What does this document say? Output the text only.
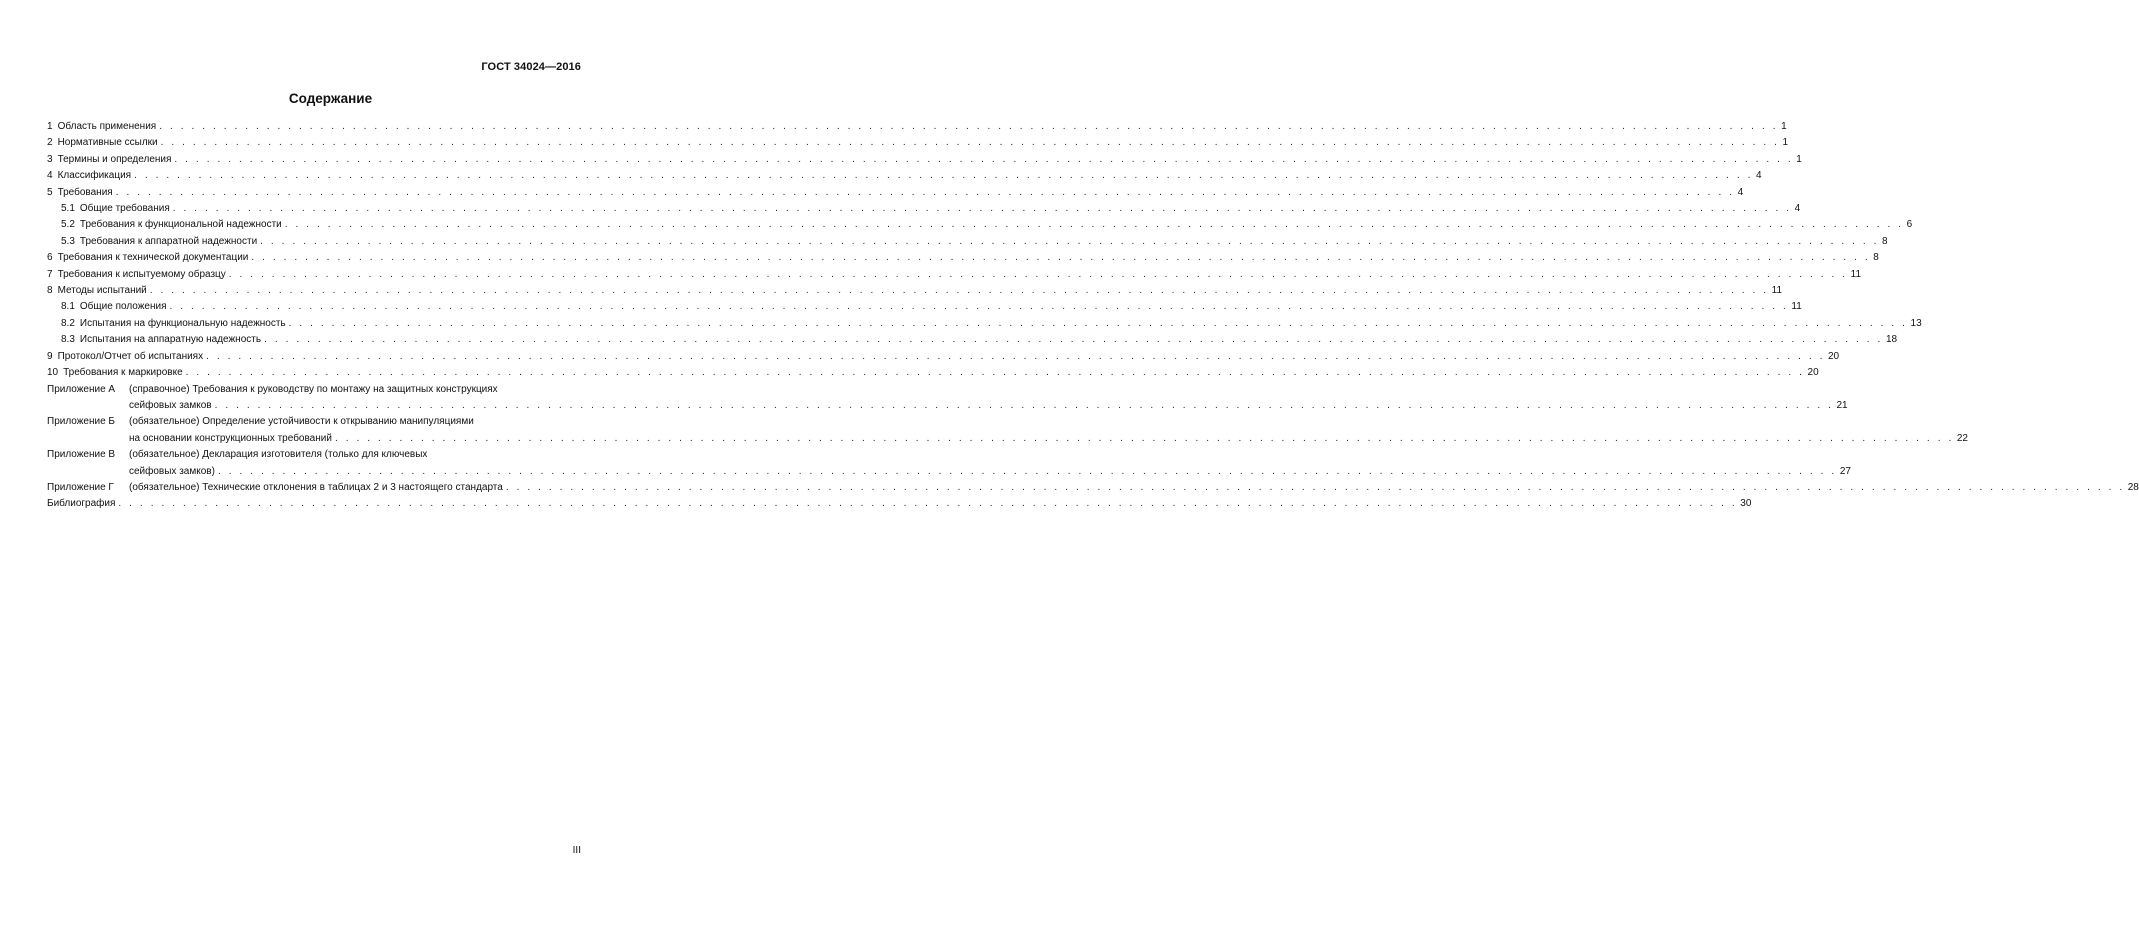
ГОСТ 34024—2016
Содержание
1 Область применения . . .	1
2 Нормативные ссылки . . .	1
3 Термины и определения . . .	1
4 Классификация . . .	4
5 Требования . . .	4
5.1 Общие требования . . .	4
5.2 Требования к функциональной надежности . . .	6
5.3 Требования к аппаратной надежности . . .	8
6 Требования к технической документации . . .	8
7 Требования к испытуемому образцу . . .	11
8 Методы испытаний . . .	11
8.1 Общие положения . . .	11
8.2 Испытания на функциональную надежность . . .	13
8.3 Испытания на аппаратную надежность . . .	18
9 Протокол/Отчет об испытаниях . . .	20
10 Требования к маркировке . . .	20
Приложение А	(справочное) Требования к руководству по монтажу на защитных конструкциях
сейфовых замков . . .	21
Приложение Б	(обязательное) Определение устойчивости к открыванию манипуляциями
на основании конструкционных требований . . .	22
Приложение В	(обязательное) Декларация изготовителя (только для ключевых
сейфовых замков) . . .	27
Приложение Г	(обязательное) Технические отклонения в таблицах 2 и 3 настоящего стандарта . . .	28
Библиография . . .	30
III
